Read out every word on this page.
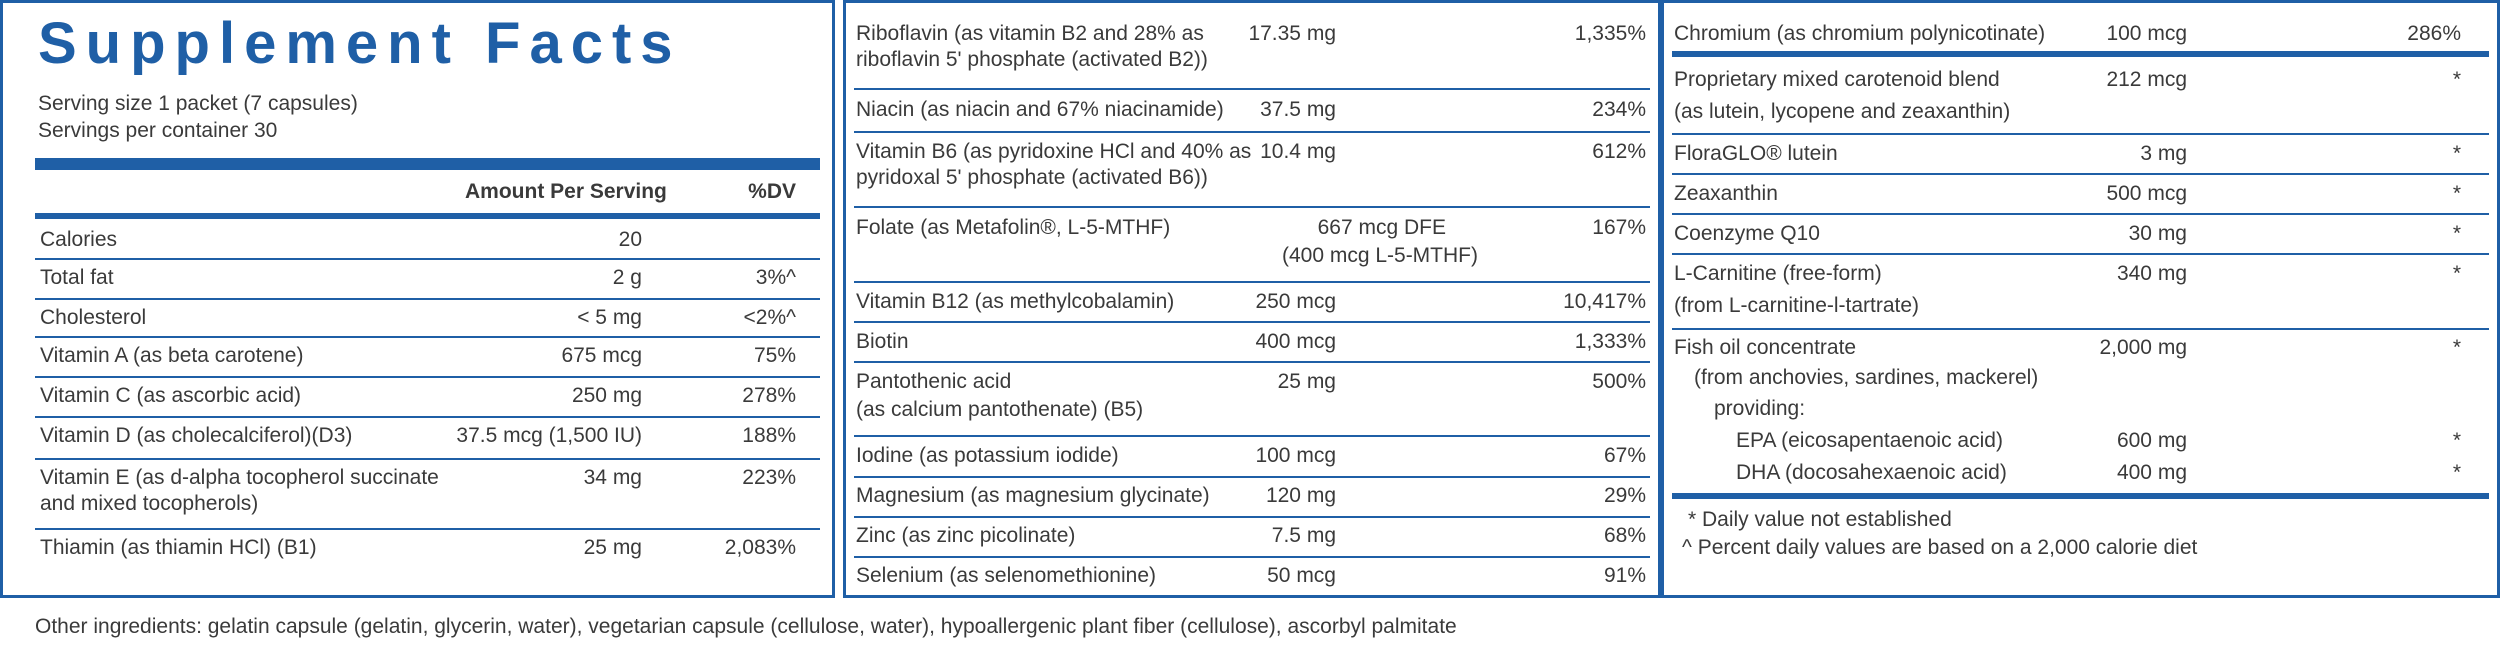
Supplement Facts
Serving size 1 packet (7 capsules)
Servings per container 30
Amount Per Serving	%DV
Calories	20
Total fat	2 g	3%^
Cholesterol	< 5 mg	<2%^
Vitamin A (as beta carotene)	675 mcg	75%
Vitamin C (as ascorbic acid)	250 mg	278%
Vitamin D (as cholecalciferol)(D3)	37.5 mcg (1,500 IU)	188%
Vitamin E (as d-alpha tocopherol succinate
and mixed tocopherols)
34 mg	223%
Thiamin (as thiamin HCl) (B1)	25 mg	2,083%
Riboflavin (as vitamin B2 and 28% as
riboflavin 5' phosphate (activated B2))
17.35 mg	1,335%
Niacin (as niacin and 67% niacinamide) 37.5 mg	234%
Vitamin B6 (as pyridoxine HCl and 40% as
pyridoxal 5' phosphate (activated B6))
10.4 mg	612%
Folate (as Metafolin®, L-5-MTHF)	667 mcg DFE
(400 mcg L-5-MTHF)
167%
Vitamin B12 (as methylcobalamin)	250 mcg	10,417%
Biotin	400 mcg	1,333%
Pantothenic acid
(as calcium pantothenate) (B5)
25 mg	500%
Iodine (as potassium iodide)	100 mcg	67%
Magnesium (as magnesium glycinate)	120 mg	29%
Zinc (as zinc picolinate)	7.5 mg	68%
Selenium (as selenomethionine)	50 mcg	91%
Chromium (as chromium polynicotinate)	100 mcg	286%
Proprietary mixed carotenoid blend
(as lutein, lycopene and zeaxanthin)
212 mcg	*
FloraGLO® lutein	3 mg	*
Zeaxanthin	500 mcg	*
Coenzyme Q10	30 mg	*
L-Carnitine (free-form)
(from L-carnitine-l-tartrate)
340 mg	*
Fish oil concentrate
(from anchovies, sardines, mackerel)
providing:
2,000 mg	*
EPA (eicosapentaenoic acid)	600 mg	*
DHA (docosahexaenoic acid)	400 mg	*
* Daily value not established
^ Percent daily values are based on a 2,000 calorie diet
Other ingredients: gelatin capsule (gelatin, glycerin, water), vegetarian capsule (cellulose, water), hypoallergenic plant fiber (cellulose), ascorbyl palmitate
